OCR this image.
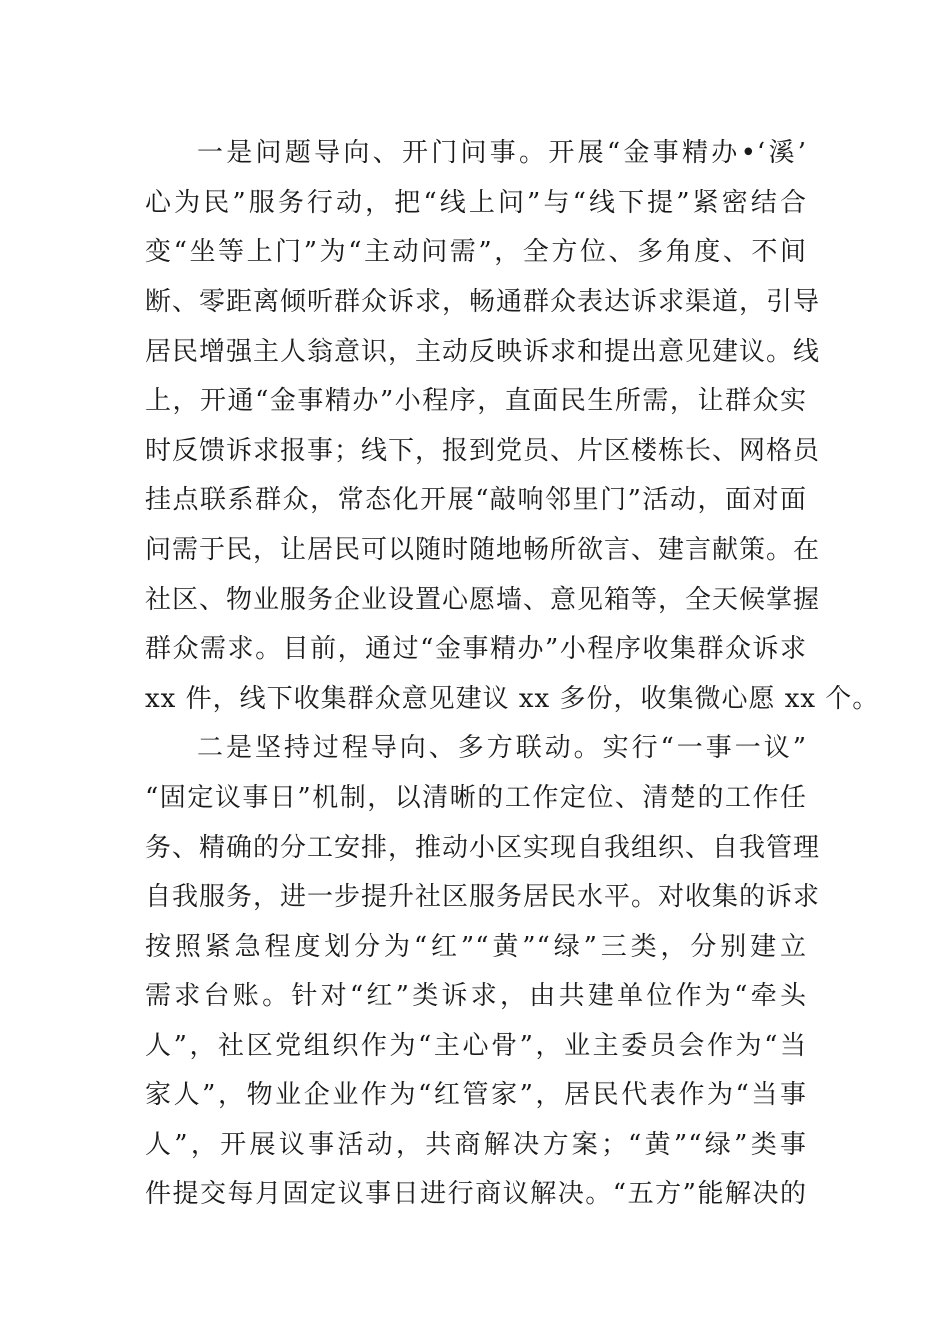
一是问题导向、开门问事。开展“金事精办•‘溪’
心为民”服务行动，把“线上问”与“线下提”紧密结合
变“坐等上门”为“主动问需”，全方位、多角度、不间
断、零距离倾听群众诉求，畅通群众表达诉求渠道，引导
居民增强主人翁意识，主动反映诉求和提出意见建议。线
上，开通“金事精办”小程序，直面民生所需，让群众实
时反馈诉求报事；线下，报到党员、片区楼栋长、网格员
挂点联系群众，常态化开展“敲响邻里门”活动，面对面
问需于民，让居民可以随时随地畅所欲言、建言献策。在
社区、物业服务企业设置心愿墙、意见箱等，全天候掌握
群众需求。目前，通过“金事精办”小程序收集群众诉求
xx 件，线下收集群众意见建议 xx 多份，收集微心愿 xx 个。
二是坚持过程导向、多方联动。实行“一事一议”
“固定议事日”机制，以清晰的工作定位、清楚的工作任
务、精确的分工安排，推动小区实现自我组织、自我管理
自我服务，进一步提升社区服务居民水平。对收集的诉求
按照紧急程度划分为“红”“黄”“绿”三类，分别建立
需求台账。针对“红”类诉求，由共建单位作为“牵头
人”，社区党组织作为“主心骨”，业主委员会作为“当
家人”，物业企业作为“红管家”，居民代表作为“当事
人”，开展议事活动，共商解决方案；“黄”“绿”类事
件提交每月固定议事日进行商议解决。“五方”能解决的
